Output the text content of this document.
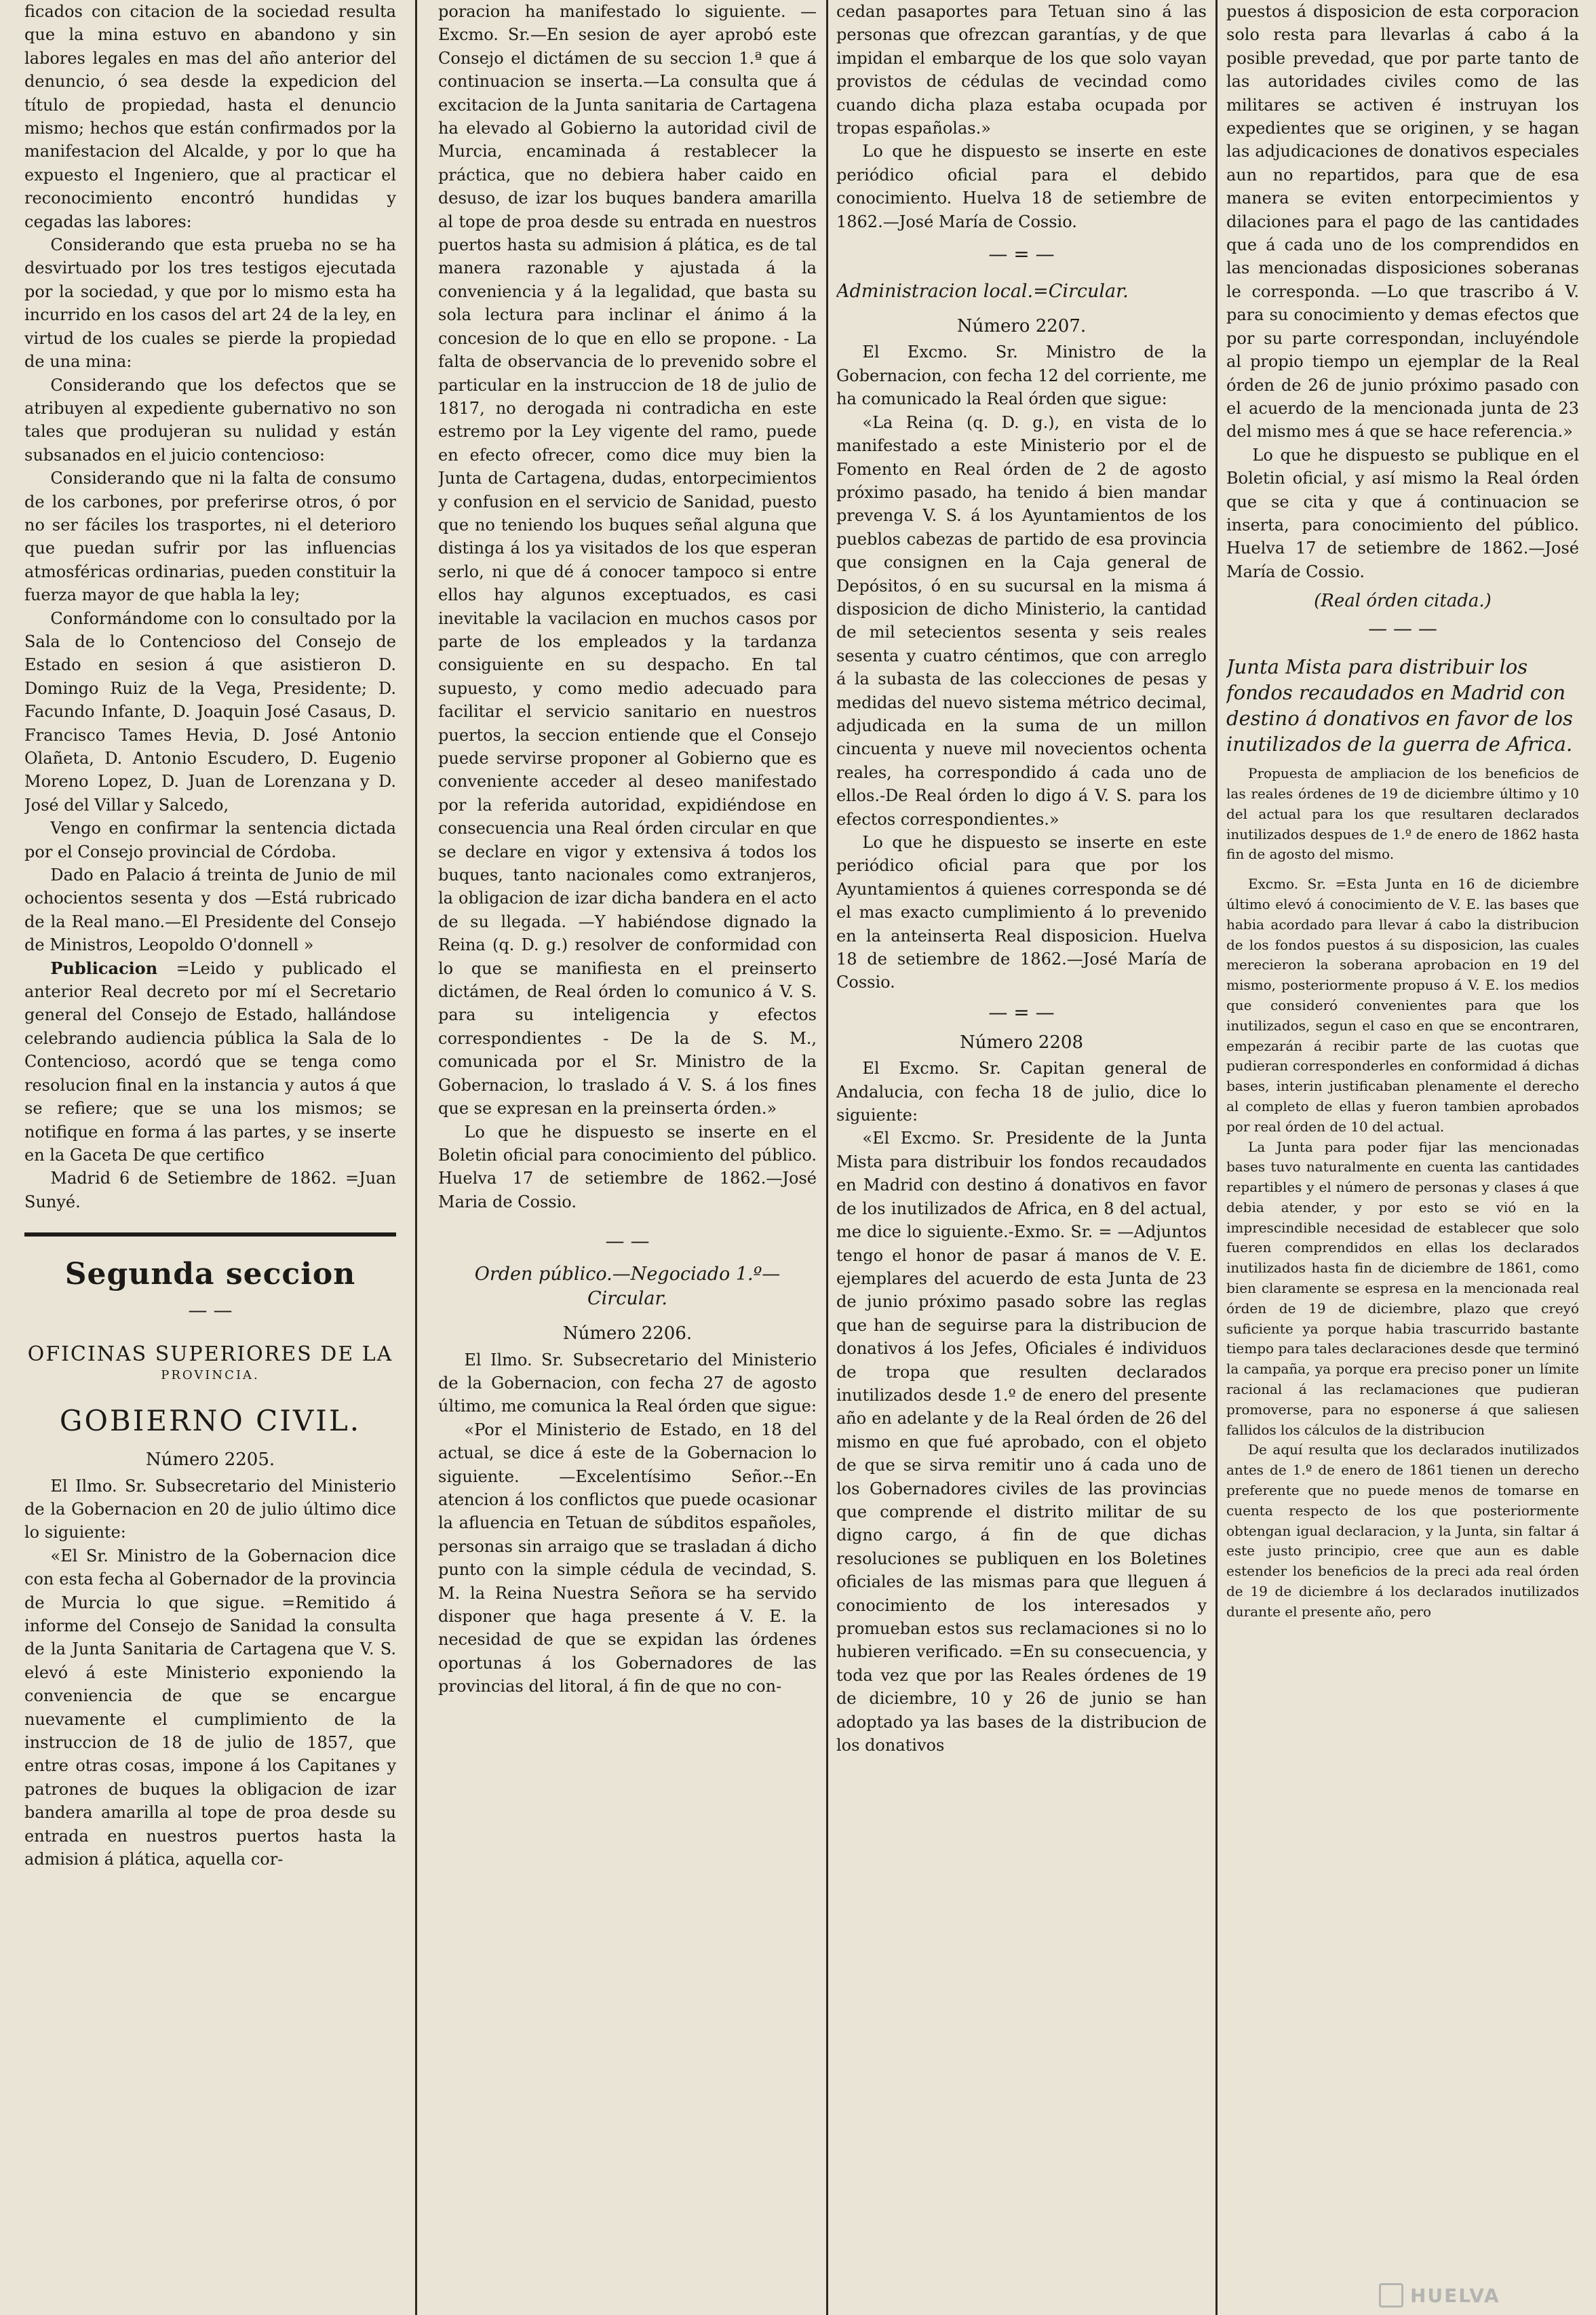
ficados con citacion de la sociedad resulta que la mina estuvo en abandono y sin labores legales en mas del año anterior del denuncio, ó sea desde la expedicion del título de propiedad, hasta el denuncio mismo; hechos que están confirmados por la manifestacion del Alcalde, y por lo que ha expuesto el Ingeniero, que al practicar el reconocimiento encontró hundidas y cegadas las labores:

Considerando que esta prueba no se ha desvirtuado por los tres testigos ejecutada por la sociedad, y que por lo mismo esta ha incurrido en los casos del art 24 de la ley, en virtud de los cuales se pierde la propiedad de una mina:

Considerando que los defectos que se atribuyen al expediente gubernativo no son tales que produjeran su nulidad y están subsanados en el juicio contencioso:

Considerando que ni la falta de consumo de los carbones, por preferirse otros, ó por no ser fáciles los trasportes, ni el deterioro que puedan sufrir por las influencias atmosféricas ordinarias, pueden constituir la fuerza mayor de que habla la ley;

Conformándome con lo consultado por la Sala de lo Contencioso del Consejo de Estado en sesion á que asistieron D. Domingo Ruiz de la Vega, Presidente; D. Facundo Infante, D. Joaquin José Casaus, D. Francisco Tames Hevia, D. José Antonio Olañeta, D. Antonio Escudero, D. Eugenio Moreno Lopez, D. Juan de Lorenzana y D. José del Villar y Salcedo,

Vengo en confirmar la sentencia dictada por el Consejo provincial de Córdoba.

Dado en Palacio á treinta de Junio de mil ochocientos sesenta y dos —Está rubricado de la Real mano.—El Presidente del Consejo de Ministros, Leopoldo O'donnell »

Publicacion =Leido y publicado el anterior Real decreto por mí el Secretario general del Consejo de Estado, hallándose celebrando audiencia pública la Sala de lo Contencioso, acordó que se tenga como resolucion final en la instancia y autos á que se refiere; que se una los mismos; se notifique en forma á las partes, y se inserte en la Gaceta De que certifico

Madrid 6 de Setiembre de 1862. =Juan Sunyé.

Segunda seccion
— —
OFICINAS SUPERIORES DE LA
PROVINCIA.
GOBIERNO CIVIL.
Número 2205.

El Ilmo. Sr. Subsecretario del Ministerio de la Gobernacion en 20 de julio último dice lo siguiente:

«El Sr. Ministro de la Gobernacion dice con esta fecha al Gobernador de la provincia de Murcia lo que sigue. =Remitido á informe del Consejo de Sanidad la consulta de la Junta Sanitaria de Cartagena que V. S. elevó á este Ministerio exponiendo la conveniencia de que se encargue nuevamente el cumplimiento de la instruccion de 18 de julio de 1857, que entre otras cosas, impone á los Capitanes y patrones de buques la obligacion de izar bandera amarilla al tope de proa desde su entrada en nuestros puertos hasta la admision á plática, aquella cor-

poracion ha manifestado lo siguiente. —Excmo. Sr.—En sesion de ayer aprobó este Consejo el dictámen de su seccion 1.ª que á continuacion se inserta.—La consulta que á excitacion de la Junta sanitaria de Cartagena ha elevado al Gobierno la autoridad civil de Murcia, encaminada á restablecer la práctica, que no debiera haber caido en desuso, de izar los buques bandera amarilla al tope de proa desde su entrada en nuestros puertos hasta su admision á plática, es de tal manera razonable y ajustada á la conveniencia y á la legalidad, que basta su sola lectura para inclinar el ánimo á la concesion de lo que en ello se propone. - La falta de observancia de lo prevenido sobre el particular en la instruccion de 18 de julio de 1817, no derogada ni contradicha en este estremo por la Ley vigente del ramo, puede en efecto ofrecer, como dice muy bien la Junta de Cartagena, dudas, entorpecimientos y confusion en el servicio de Sanidad, puesto que no teniendo los buques señal alguna que distinga á los ya visitados de los que esperan serlo, ni que dé á conocer tampoco si entre ellos hay algunos exceptuados, es casi inevitable la vacilacion en muchos casos por parte de los empleados y la tardanza consiguiente en su despacho. En tal supuesto, y como medio adecuado para facilitar el servicio sanitario en nuestros puertos, la seccion entiende que el Consejo puede servirse proponer al Gobierno que es conveniente acceder al deseo manifestado por la referida autoridad, expidiéndose en consecuencia una Real órden circular en que se declare en vigor y extensiva á todos los buques, tanto nacionales como extranjeros, la obligacion de izar dicha bandera en el acto de su llegada. —Y habiéndose dignado la Reina (q. D. g.) resolver de conformidad con lo que se manifiesta en el preinserto dictámen, de Real órden lo comunico á V. S. para su inteligencia y efectos correspondientes - De la de S. M., comunicada por el Sr. Ministro de la Gobernacion, lo traslado á V. S. á los fines que se expresan en la preinserta órden.»

Lo que he dispuesto se inserte en el Boletin oficial para conocimiento del público. Huelva 17 de setiembre de 1862.—José Maria de Cossio.

— —
Orden público.—Negociado 1.º—
Circular.
Número 2206.

El Ilmo. Sr. Subsecretario del Ministerio de la Gobernacion, con fecha 27 de agosto último, me comunica la Real órden que sigue:

«Por el Ministerio de Estado, en 18 del actual, se dice á este de la Gobernacion lo siguiente. —Excelentísimo Señor.--En atencion á los conflictos que puede ocasionar la afluencia en Tetuan de súbditos españoles, personas sin arraigo que se trasladan á dicho punto con la simple cédula de vecindad, S. M. la Reina Nuestra Señora se ha servido disponer que haga presente á V. E. la necesidad de que se expidan las órdenes oportunas á los Gobernadores de las provincias del litoral, á fin de que no con-

cedan pasaportes para Tetuan sino á las personas que ofrezcan garantías, y de que impidan el embarque de los que solo vayan provistos de cédulas de vecindad como cuando dicha plaza estaba ocupada por tropas españolas.»

Lo que he dispuesto se inserte en este periódico oficial para el debido conocimiento. Huelva 18 de setiembre de 1862.—José María de Cossio.

— = —
Administracion local.=Circular.
Número 2207.

El Excmo. Sr. Ministro de la Gobernacion, con fecha 12 del corriente, me ha comunicado la Real órden que sigue:

«La Reina (q. D. g.), en vista de lo manifestado a este Ministerio por el de Fomento en Real órden de 2 de agosto próximo pasado, ha tenido á bien mandar prevenga V. S. á los Ayuntamientos de los pueblos cabezas de partido de esa provincia que consignen en la Caja general de Depósitos, ó en su sucursal en la misma á disposicion de dicho Ministerio, la cantidad de mil setecientos sesenta y seis reales sesenta y cuatro céntimos, que con arreglo á la subasta de las colecciones de pesas y medidas del nuevo sistema métrico decimal, adjudicada en la suma de un millon cincuenta y nueve mil novecientos ochenta reales, ha correspondido á cada uno de ellos.-De Real órden lo digo á V. S. para los efectos correspondientes.»

Lo que he dispuesto se inserte en este periódico oficial para que por los Ayuntamientos á quienes corresponda se dé el mas exacto cumplimiento á lo prevenido en la anteinserta Real disposicion. Huelva 18 de setiembre de 1862.—José María de Cossio.

— = —
Número 2208

El Excmo. Sr. Capitan general de Andalucia, con fecha 18 de julio, dice lo siguiente:

«El Excmo. Sr. Presidente de la Junta Mista para distribuir los fondos recaudados en Madrid con destino á donativos en favor de los inutilizados de Africa, en 8 del actual, me dice lo siguiente.-Exmo. Sr. = —Adjuntos tengo el honor de pasar á manos de V. E. ejemplares del acuerdo de esta Junta de 23 de junio próximo pasado sobre las reglas que han de seguirse para la distribucion de donativos á los Jefes, Oficiales é individuos de tropa que resulten declarados inutilizados desde 1.º de enero del presente año en adelante y de la Real órden de 26 del mismo en que fué aprobado, con el objeto de que se sirva remitir uno á cada uno de los Gobernadores civiles de las provincias que comprende el distrito militar de su digno cargo, á fin de que dichas resoluciones se publiquen en los Boletines oficiales de las mismas para que lleguen á conocimiento de los interesados y promueban estos sus reclamaciones si no lo hubieren verificado. =En su consecuencia, y toda vez que por las Reales órdenes de 19 de diciembre, 10 y 26 de junio se han adoptado ya las bases de la distribucion de los donativos

puestos á disposicion de esta corporacion solo resta para llevarlas á cabo á la posible prevedad, que por parte tanto de las autoridades civiles como de las militares se activen é instruyan los expedientes que se originen, y se hagan las adjudicaciones de donativos especiales aun no repartidos, para que de esa manera se eviten entorpecimientos y dilaciones para el pago de las cantidades que á cada uno de los comprendidos en las mencionadas disposiciones soberanas le corresponda. —Lo que trascribo á V. para su conocimiento y demas efectos que por su parte correspondan, incluyéndole al propio tiempo un ejemplar de la Real órden de 26 de junio próximo pasado con el acuerdo de la mencionada junta de 23 del mismo mes á que se hace referencia.»

Lo que he dispuesto se publique en el Boletin oficial, y así mismo la Real órden que se cita y que á continuacion se inserta, para conocimiento del público. Huelva 17 de setiembre de 1862.—José María de Cossio.

(Real órden citada.)
— — —
Junta Mista para distribuir los fondos recaudados en Madrid con destino á donativos en favor de los inutilizados de la guerra de Africa.

Propuesta de ampliacion de los beneficios de las reales órdenes de 19 de diciembre último y 10 del actual para los que resultaren declarados inutilizados despues de 1.º de enero de 1862 hasta fin de agosto del mismo.

Excmo. Sr. =Esta Junta en 16 de diciembre último elevó á conocimiento de V. E. las bases que habia acordado para llevar á cabo la distribucion de los fondos puestos á su disposicion, las cuales merecieron la soberana aprobacion en 19 del mismo, posteriormente propuso á V. E. los medios que consideró convenientes para que los inutilizados, segun el caso en que se encontraren, empezarán á recibir parte de las cuotas que pudieran corresponderles en conformidad á dichas bases, interin justificaban plenamente el derecho al completo de ellas y fueron tambien aprobados por real órden de 10 del actual.

La Junta para poder fijar las mencionadas bases tuvo naturalmente en cuenta las cantidades repartibles y el número de personas y clases á que debia atender, y por esto se vió en la imprescindible necesidad de establecer que solo fueren comprendidos en ellas los declarados inutilizados hasta fin de diciembre de 1861, como bien claramente se espresa en la mencionada real órden de 19 de diciembre, plazo que creyó suficiente ya porque habia trascurrido bastante tiempo para tales declaraciones desde que terminó la campaña, ya porque era preciso poner un límite racional á las reclamaciones que pudieran promoverse, para no esponerse á que saliesen fallidos los cálculos de la distribucion

De aquí resulta que los declarados inutilizados antes de 1.º de enero de 1861 tienen un derecho preferente que no puede menos de tomarse en cuenta respecto de los que posteriormente obtengan igual declaracion, y la Junta, sin faltar á este justo principio, cree que aun es dable estender los beneficios de la preci ada real órden de 19 de diciembre á los declarados inutilizados durante el presente año, pero

HUELVA
